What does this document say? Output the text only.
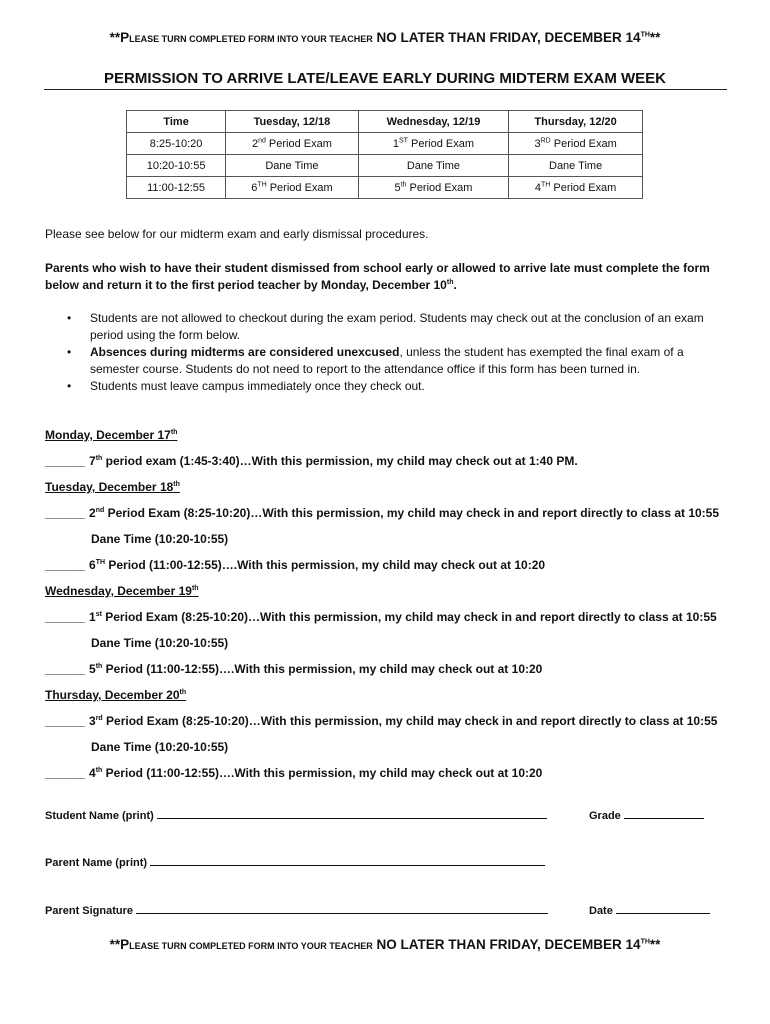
**PLEASE TURN COMPLETED FORM INTO YOUR TEACHER NO LATER THAN FRIDAY, DECEMBER 14TH**
PERMISSION TO ARRIVE LATE/LEAVE EARLY DURING MIDTERM EXAM WEEK
Time	Tuesday, 12/18	Wednesday, 12/19	Thursday, 12/20
8:25-10:20	2nd Period Exam	1ST Period Exam	3RD Period Exam
10:20-10:55	Dane Time	Dane Time	Dane Time
11:00-12:55	6TH Period Exam	5th Period Exam	4TH Period Exam
Please see below for our midterm exam and early dismissal procedures.
Parents who wish to have their student dismissed from school early or allowed to arrive late must complete the form below and return it to the first period teacher by Monday, December 10th.
• Students are not allowed to checkout during the exam period. Students may check out at the conclusion of an exam period using the form below.
• Absences during midterms are considered unexcused, unless the student has exempted the final exam of a semester course. Students do not need to report to the attendance office if this form has been turned in.
• Students must leave campus immediately once they check out.
Monday, December 17th
______ 7th period exam (1:45-3:40)…With this permission, my child may check out at 1:40 PM.
Tuesday, December 18th
______ 2nd Period Exam (8:25-10:20)…With this permission, my child may check in and report directly to class at 10:55
Dane Time (10:20-10:55)
______ 6TH Period (11:00-12:55)….With this permission, my child may check out at 10:20
Wednesday, December 19th
______ 1st Period Exam (8:25-10:20)…With this permission, my child may check in and report directly to class at 10:55
Dane Time (10:20-10:55)
______ 5th Period (11:00-12:55)….With this permission, my child may check out at 10:20
Thursday, December 20th
______ 3rd Period Exam (8:25-10:20)…With this permission, my child may check in and report directly to class at 10:55
Dane Time (10:20-10:55)
______ 4th Period (11:00-12:55)….With this permission, my child may check out at 10:20
Student Name (print)	Grade
Parent Name (print)
Parent Signature	Date
**PLEASE TURN COMPLETED FORM INTO YOUR TEACHER NO LATER THAN FRIDAY, DECEMBER 14TH**
